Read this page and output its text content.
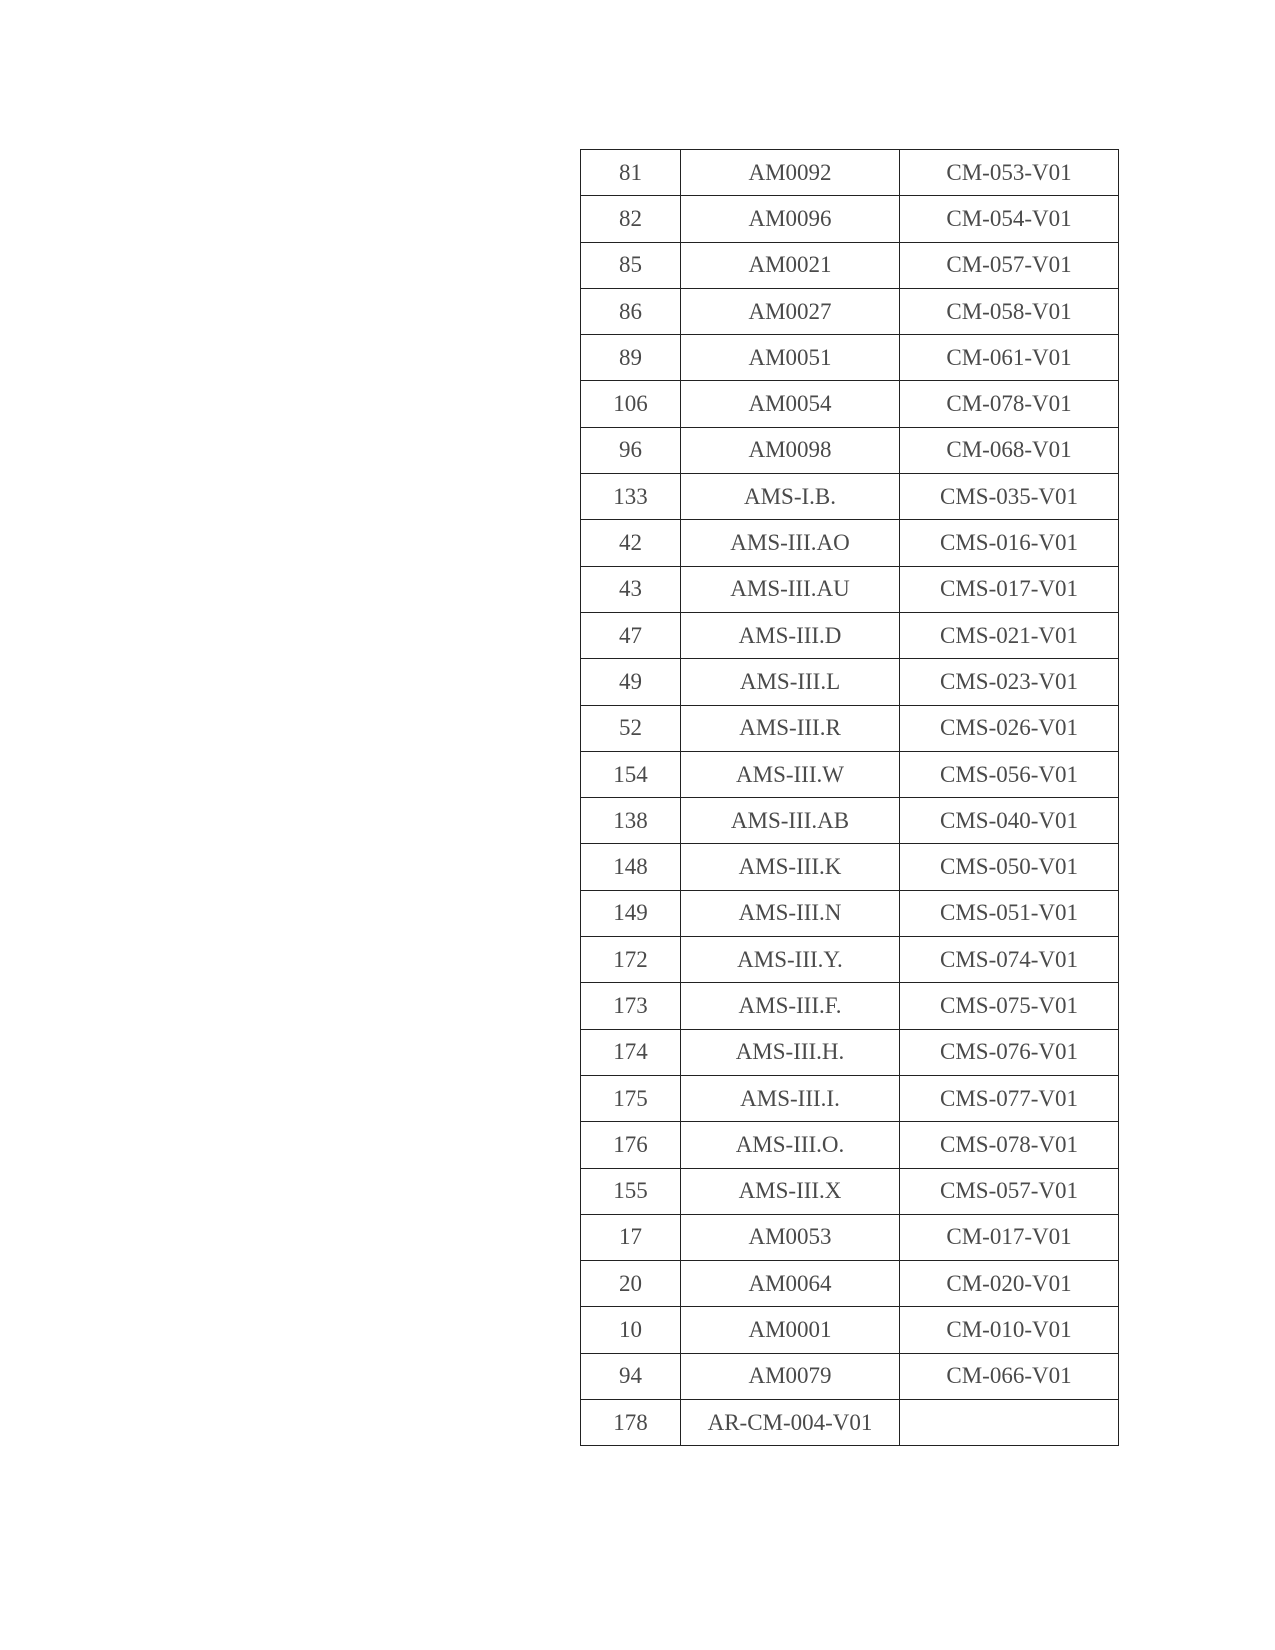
81	AM0092	CM-053-V01
82	AM0096	CM-054-V01
85	AM0021	CM-057-V01
86	AM0027	CM-058-V01
89	AM0051	CM-061-V01
106	AM0054	CM-078-V01
96	AM0098	CM-068-V01
133	AMS-I.B.	CMS-035-V01
42	AMS-III.AO	CMS-016-V01
43	AMS-III.AU	CMS-017-V01
47	AMS-III.D	CMS-021-V01
49	AMS-III.L	CMS-023-V01
52	AMS-III.R	CMS-026-V01
154	AMS-III.W	CMS-056-V01
138	AMS-III.AB	CMS-040-V01
148	AMS-III.K	CMS-050-V01
149	AMS-III.N	CMS-051-V01
172	AMS-III.Y.	CMS-074-V01
173	AMS-III.F.	CMS-075-V01
174	AMS-III.H.	CMS-076-V01
175	AMS-III.I.	CMS-077-V01
176	AMS-III.O.	CMS-078-V01
155	AMS-III.X	CMS-057-V01
17	AM0053	CM-017-V01
20	AM0064	CM-020-V01
10	AM0001	CM-010-V01
94	AM0079	CM-066-V01
178	AR-CM-004-V01	
